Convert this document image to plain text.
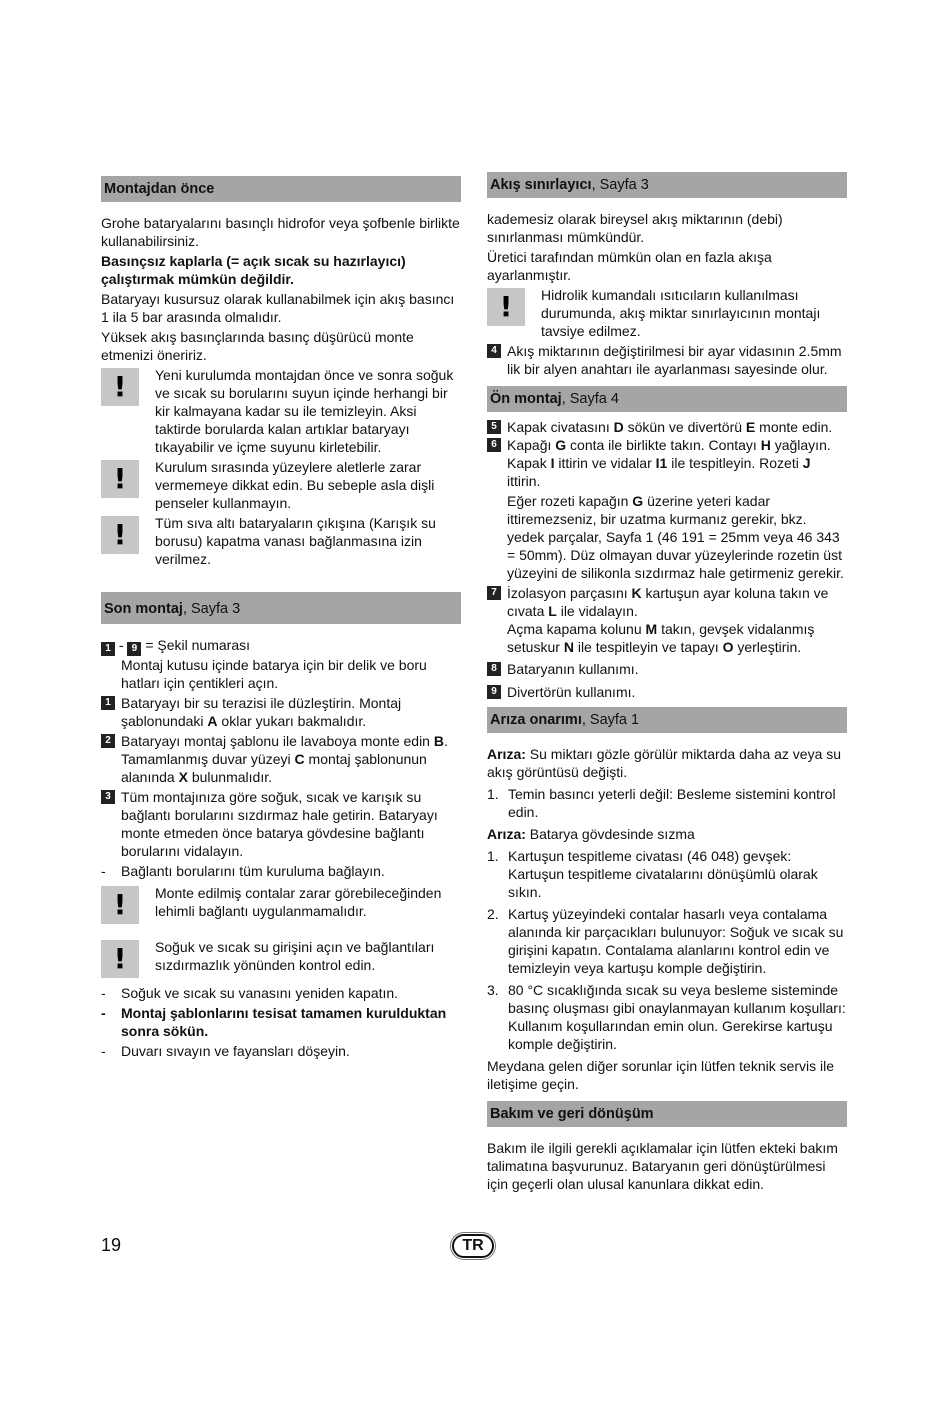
Montajdan önce

Grohe bataryalarını basınçlı hidrofor veya şofbenle birlikte kullanabilirsiniz.

Basınçsız kaplarla (= açık sıcak su hazırlayıcı) çalıştırmak mümkün değildir.

Bataryayı kusursuz olarak kullanabilmek için akış basıncı 1 ila 5 bar arasında olmalıdır.

Yüksek akış basınçlarında basınç düşürücü monte etmenizi öneririz.

!	Yeni kurulumda montajdan önce ve sonra soğuk ve sıcak su borularını suyun içinde herhangi bir kir kalmayana kadar su ile temizleyin. Aksi taktirde borularda kalan artıklar bataryayı tıkayabilir ve içme suyunu kirletebilir.
!	Kurulum sırasında yüzeylere aletlerle zarar vermemeye dikkat edin. Bu sebeple asla dişli penseler kullanmayın.
!	Tüm sıva altı bataryaların çıkışına (Karışık su borusu) kapatma vanası bağlanmasına izin verilmez.
Son montaj, Sayfa 3
1 - 9 = Şekil numarası

Montaj kutusu içinde batarya için bir delik ve boru hatları için çentikleri açın.

1 Bataryayı bir su terazisi ile düzleştirin. Montaj şablonundaki A oklar yukarı bakmalıdır.
2 Bataryayı montaj şablonu ile lavaboya monte edin B. Tamamlanmış duvar yüzeyi C montaj şablonunun alanında X bulunmalıdır.
3 Tüm montajınıza göre soğuk, sıcak ve karışık su bağlantı borularını sızdırmaz hale getirin. Bataryayı monte etmeden önce batarya gövdesine bağlantı borularını vidalayın.
-	Bağlantı borularını tüm kuruluma bağlayın.
!	Monte edilmiş contalar zarar görebileceğinden lehimli bağlantı uygulanmamalıdır.
!	Soğuk ve sıcak su girişini açın ve bağlantıları sızdırmazlık yönünden kontrol edin.
-	Soğuk ve sıcak su vanasını yeniden kapatın.
-	Montaj şablonlarını tesisat tamamen kurulduktan sonra sökün.
-	Duvarı sıvayın ve fayansları döşeyin.
Akış sınırlayıcı, Sayfa 3

kademesiz olarak bireysel akış miktarının (debi) sınırlanması mümkündür.

Üretici tarafından mümkün olan en fazla akışa ayarlanmıştır.

!	Hidrolik kumandalı ısıtıcıların kullanılması durumunda, akış miktar sınırlayıcının montajı tavsiye edilmez.
4 Akış miktarının değiştirilmesi bir ayar vidasının 2.5mm lik bir alyen anahtarı ile ayarlanması sayesinde olur.
Ön montaj, Sayfa 4
5 Kapak civatasını D sökün ve divertörü E monte edin.
6 Kapağı G conta ile birlikte takın. Contayı H yağlayın. Kapak I ittirin ve vidalar I1 ile tespitleyin. Rozeti J ittirin.

Eğer rozeti kapağın G üzerine yeteri kadar ittiremezseniz, bir uzatma kurmanız gerekir, bkz. yedek parçalar, Sayfa 1 (46 191 = 25mm veya 46 343 = 50mm). Düz olmayan duvar yüzeylerinde rozetin üst yüzeyini de silikonla sızdırmaz hale getirmeniz gerekir.

7 İzolasyon parçasını K kartuşun ayar koluna takın ve cıvata L ile vidalayın.

Açma kapama kolunu M takın, gevşek vidalanmış setuskur N ile tespitleyin ve tapayı O yerleştirin.

8 Bataryanın kullanımı.
9 Divertörün kullanımı.
Arıza onarımı, Sayfa 1

Arıza: Su miktarı gözle görülür miktarda daha az veya su akış görüntüsü değişti.

1. Temin basıncı yeterli değil: Besleme sistemini kontrol edin.

Arıza: Batarya gövdesinde sızma

1. Kartuşun tespitleme civatası (46 048) gevşek: Kartuşun tespitleme civatalarını dönüşümlü olarak sıkın.
2. Kartuş yüzeyindeki contalar hasarlı veya contalama alanında kir parçacıkları bulunuyor: Soğuk ve sıcak su girişini kapatın. Contalama alanlarını kontrol edin ve temizleyin veya kartuşu komple değiştirin.
3. 80 °C sıcaklığında sıcak su veya besleme sisteminde basınç oluşması gibi onaylanmayan kullanım koşulları: Kullanım koşullarından emin olun. Gerekirse kartuşu komple değiştirin.

Meydana gelen diğer sorunlar için lütfen teknik servis ile iletişime geçin.

Bakım ve geri dönüşüm

Bakım ile ilgili gerekli açıklamalar için lütfen ekteki bakım talimatına başvurunuz. Bataryanın geri dönüştürülmesi için geçerli olan ulusal kanunlara dikkat edin.

19	TR
